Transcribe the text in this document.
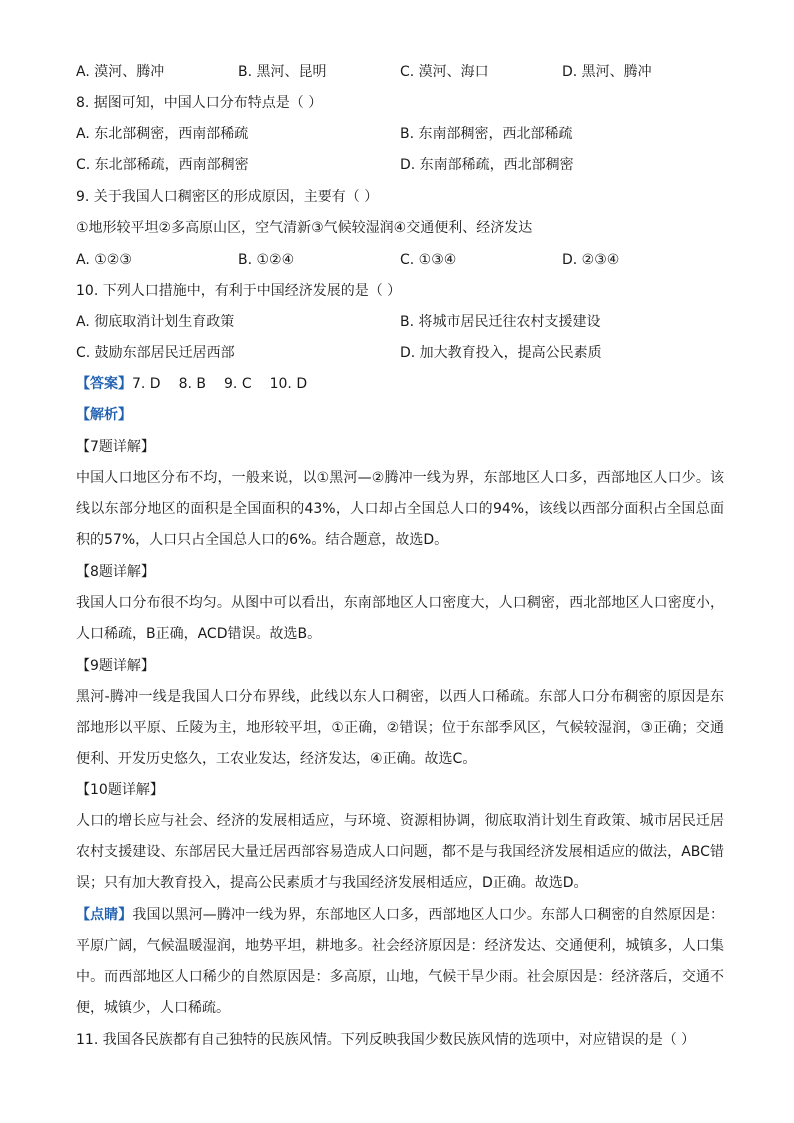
A. 漠河、腾冲	B. 黑河、昆明	C. 漠河、海口	D. 黑河、腾冲
8. 据图可知，中国人口分布特点是（ ）
A. 东北部稠密，西南部稀疏	B. 东南部稠密，西北部稀疏
C. 东北部稀疏，西南部稠密	D. 东南部稀疏，西北部稠密
9. 关于我国人口稠密区的形成原因，主要有（ ）
①地形较平坦②多高原山区，空气清新③气候较湿润④交通便利、经济发达
A. ①②③	B. ①②④	C. ①③④	D. ②③④
10. 下列人口措施中，有利于中国经济发展的是（ ）
A. 彻底取消计划生育政策	B. 将城市居民迁往农村支援建设
C. 鼓励东部居民迁居西部	D. 加大教育投入，提高公民素质
【答案】7. D 8. B 9. C 10. D
【解析】
【7题详解】
中国人口地区分布不均，一般来说，以①黑河—②腾冲一线为界，东部地区人口多，西部地区人口少。该线以东部分地区的面积是全国面积的43%，人口却占全国总人口的94%，该线以西部分面积占全国总面积的57%，人口只占全国总人口的6%。结合题意，故选D。
【8题详解】
我国人口分布很不均匀。从图中可以看出，东南部地区人口密度大，人口稠密，西北部地区人口密度小，人口稀疏，B正确，ACD错误。故选B。
【9题详解】
黑河-腾冲一线是我国人口分布界线，此线以东人口稠密，以西人口稀疏。东部人口分布稠密的原因是东部地形以平原、丘陵为主，地形较平坦，①正确，②错误；位于东部季风区，气候较湿润，③正确；交通便利、开发历史悠久，工农业发达，经济发达，④正确。故选C。
【10题详解】
人口的增长应与社会、经济的发展相适应，与环境、资源相协调，彻底取消计划生育政策、城市居民迁居农村支援建设、东部居民大量迁居西部容易造成人口问题，都不是与我国经济发展相适应的做法，ABC错误；只有加大教育投入，提高公民素质才与我国经济发展相适应，D正确。故选D。
【点睛】我国以黑河—腾冲一线为界，东部地区人口多，西部地区人口少。东部人口稠密的自然原因是：平原广阔，气候温暖湿润，地势平坦，耕地多。社会经济原因是：经济发达、交通便利，城镇多，人口集中。而西部地区人口稀少的自然原因是：多高原，山地，气候干旱少雨。社会原因是：经济落后，交通不便，城镇少，人口稀疏。
11. 我国各民族都有自己独特的民族风情。下列反映我国少数民族风情的选项中，对应错误的是（ ）
